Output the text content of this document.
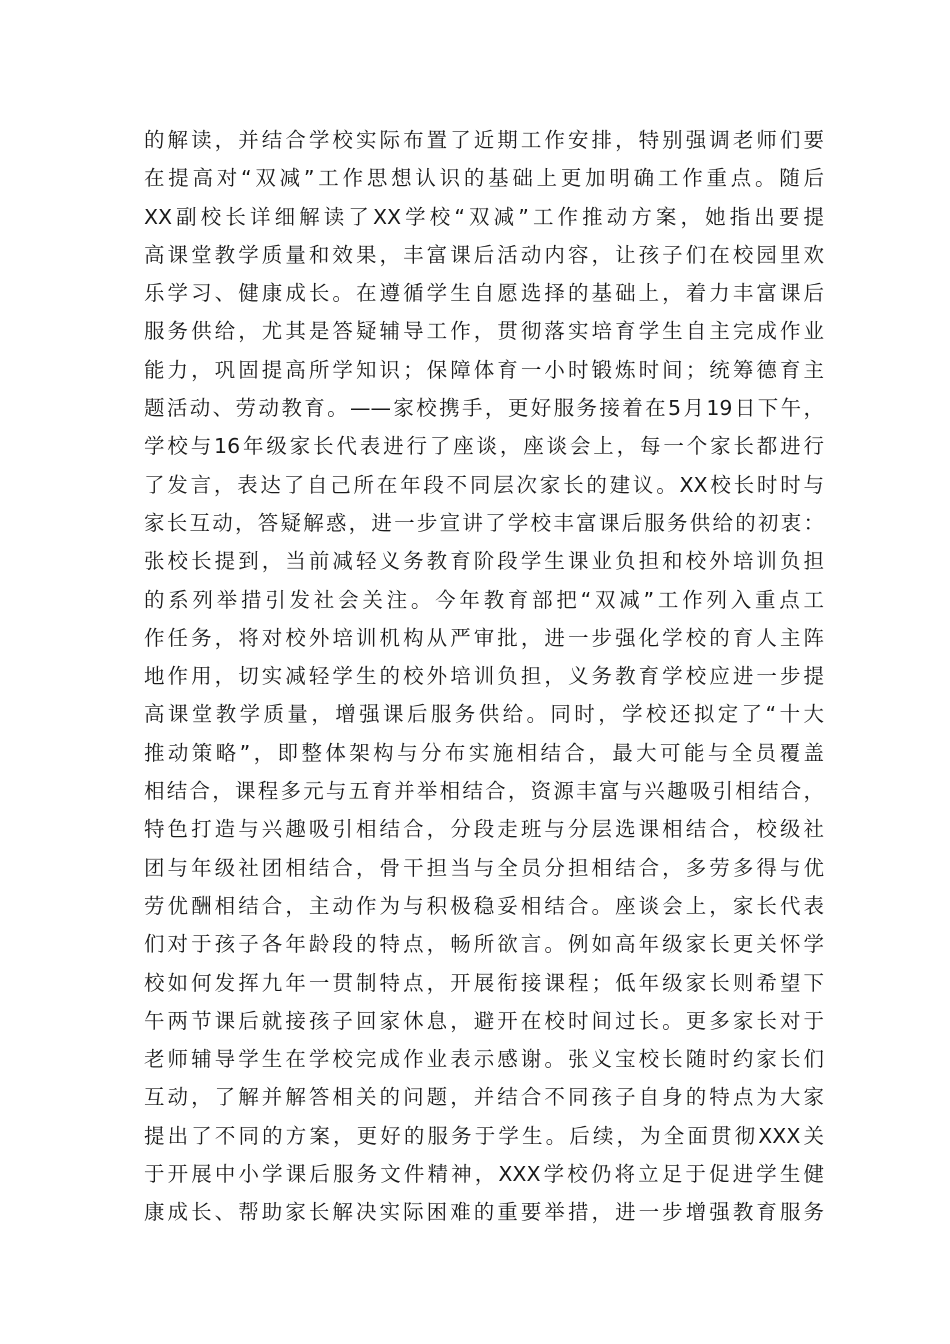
的解读，并结合学校实际布置了近期工作安排，特别强调老师们要
在提高对“双减”工作思想认识的基础上更加明确工作重点。随后
XX副校长详细解读了XX学校“双减”工作推动方案，她指出要提
高课堂教学质量和效果，丰富课后活动内容，让孩子们在校园里欢
乐学习、健康成长。在遵循学生自愿选择的基础上，着力丰富课后
服务供给，尤其是答疑辅导工作，贯彻落实培育学生自主完成作业
能力，巩固提高所学知识；保障体育一小时锻炼时间；统筹德育主
题活动、劳动教育。——家校携手，更好服务接着在5月19日下午，
学校与16年级家长代表进行了座谈，座谈会上，每一个家长都进行
了发言，表达了自己所在年段不同层次家长的建议。XX校长时时与
家长互动，答疑解惑，进一步宣讲了学校丰富课后服务供给的初衷：
张校长提到，当前减轻义务教育阶段学生课业负担和校外培训负担
的系列举措引发社会关注。今年教育部把“双减”工作列入重点工
作任务，将对校外培训机构从严审批，进一步强化学校的育人主阵
地作用，切实减轻学生的校外培训负担，义务教育学校应进一步提
高课堂教学质量，增强课后服务供给。同时，学校还拟定了“十大
推动策略”，即整体架构与分布实施相结合，最大可能与全员覆盖
相结合，课程多元与五育并举相结合，资源丰富与兴趣吸引相结合，
特色打造与兴趣吸引相结合，分段走班与分层选课相结合，校级社
团与年级社团相结合，骨干担当与全员分担相结合，多劳多得与优
劳优酬相结合，主动作为与积极稳妥相结合。座谈会上，家长代表
们对于孩子各年龄段的特点，畅所欲言。例如高年级家长更关怀学
校如何发挥九年一贯制特点，开展衔接课程；低年级家长则希望下
午两节课后就接孩子回家休息，避开在校时间过长。更多家长对于
老师辅导学生在学校完成作业表示感谢。张义宝校长随时约家长们
互动，了解并解答相关的问题，并结合不同孩子自身的特点为大家
提出了不同的方案，更好的服务于学生。后续，为全面贯彻XXX关
于开展中小学课后服务文件精神，XXX学校仍将立足于促进学生健
康成长、帮助家长解决实际困难的重要举措，进一步增强教育服务
